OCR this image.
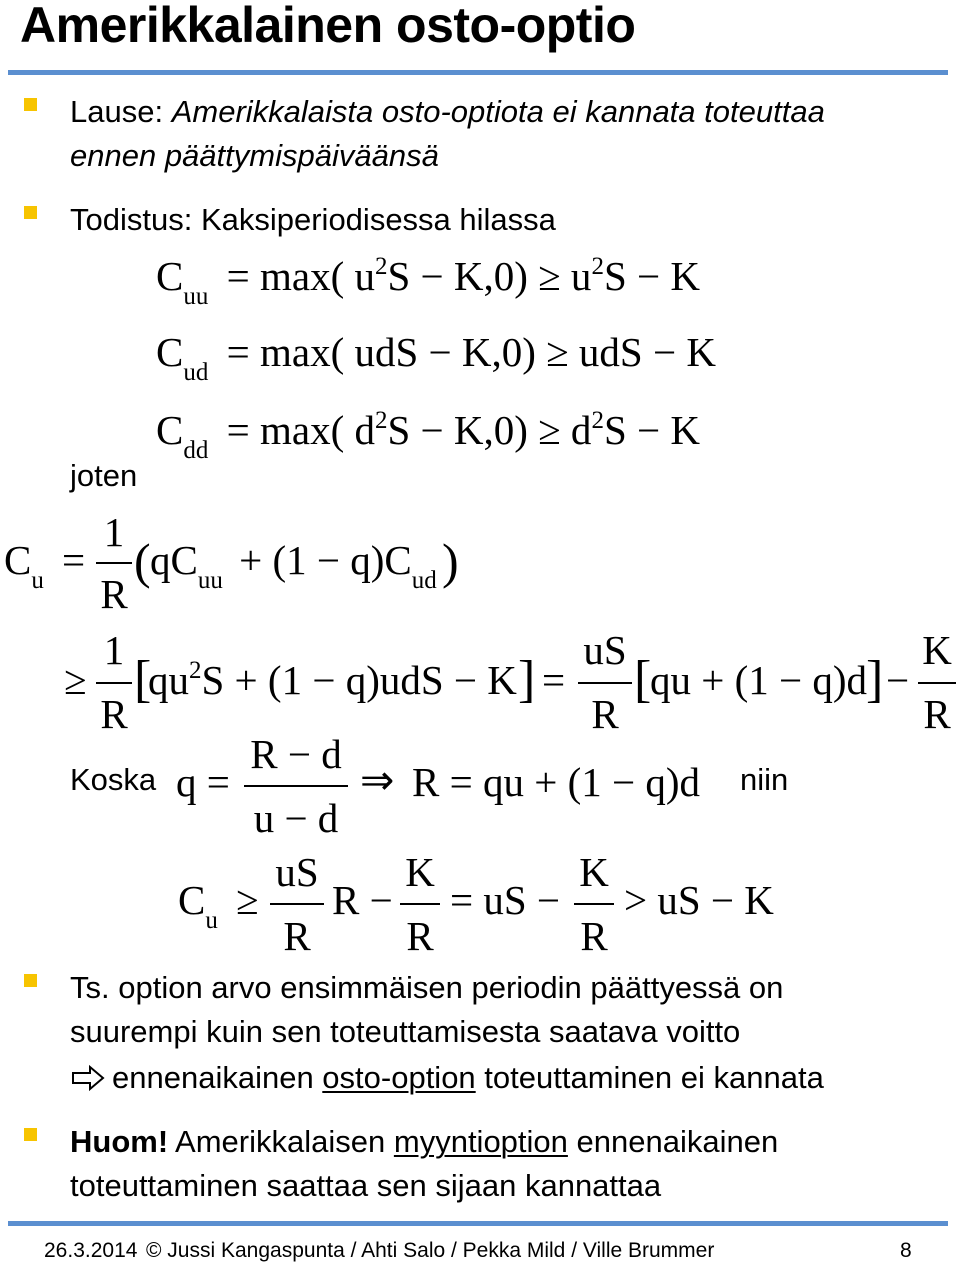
Amerikkalainen osto-optio
Lause: Amerikkalaista osto-optiota ei kannata toteuttaa
ennen päättymispäiväänsä
Todistus: Kaksiperiodisessa hilassa
$C_{uu} = \max$( $u^2S - K,0) \ge u^2S - K$
$C_{ud} = \max$( udS − K,0) ≥ udS − K
$C_{dd} = \max$( $d^2S - K,0) \ge d^2S - K$
joten
$C_u$ =
1
R
( $qC_{uu} + (1 - q)C_{ud}$ )
≥
1
R
[
$qu^2S + (1 - q)udS - K$ ] =
uS
R
[
qu + (1 − q)d
] −
K
R
Koska q =
R − d
u − d
⇒ R = qu + (1 − q)d niin
$C_u$ ≥
uS
R
R −
K
R
= uS −
K
R
> uS − K
Ts. option arvo ensimmäisen periodin päättyessä on
suurempi kuin sen toteuttamisesta saatava voitto
ennenaikainen osto-option toteuttaminen ei kannata
Huom! Amerikkalaisen myyntioption ennenaikainen
toteuttaminen saattaa sen sijaan kannattaa
26.3.2014 © Jussi Kangaspunta / Ahti Salo / Pekka Mild / Ville Brummer	8
